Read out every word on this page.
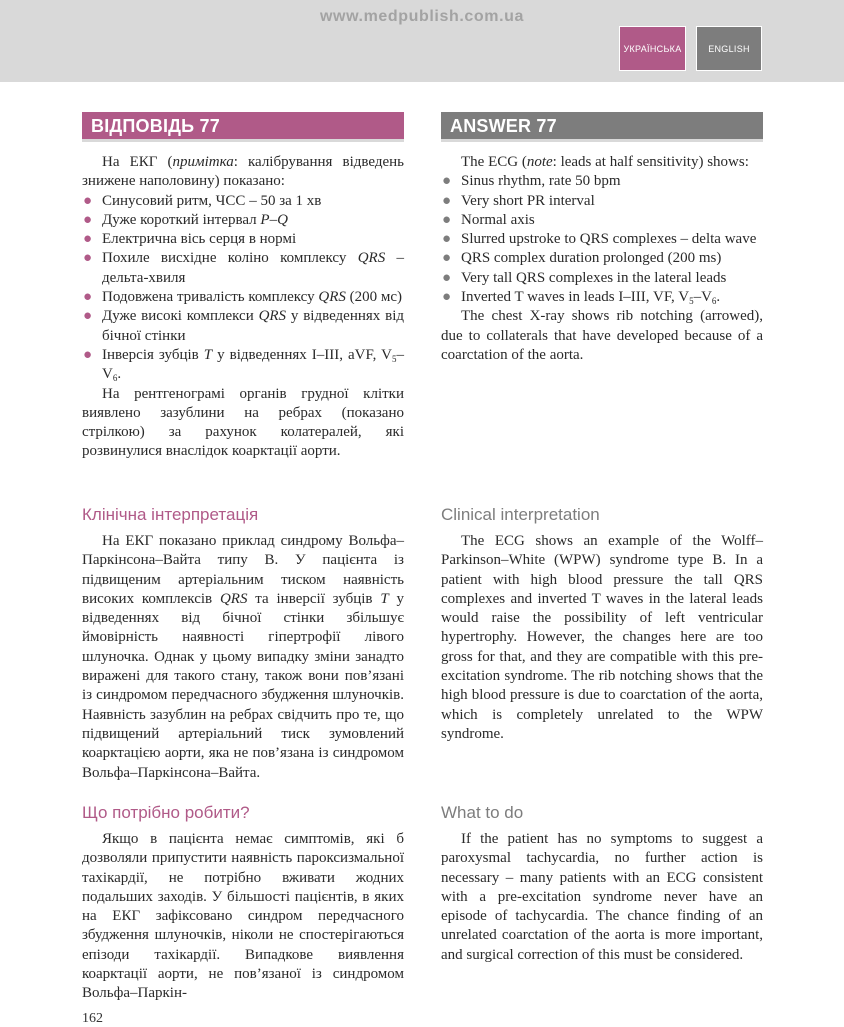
www.medpublish.com.ua
УКРАЇНСЬКА	ENGLISH
ВІДПОВІДЬ 77

На ЕКГ (примітка: калібрування відведень знижене наполовину) показано:

● Синусовий ритм, ЧСС – 50 за 1 хв
● Дуже короткий інтервал P–Q
● Електрична вісь серця в нормі
● Похиле висхідне коліно комплексу QRS – дельта-хвиля
● Подовжена тривалість комплексу QRS (200 мс)
● Дуже високі комплекси QRS у відведеннях від бічної стінки
● Інверсія зубців T у відведеннях I–III, aVF, $V_5-V_6$.

На рентгенограмі органів грудної клітки виявлено зазублини на ребрах (показано стрілкою) за рахунок колатералей, які розвинулися внаслідок коарктації аорти.

Клінічна інтерпретація

На ЕКГ показано приклад синдрому Вольфа–Паркінсона–Вайта типу B. У пацієнта із підвищеним артеріальним тиском наявність високих комплексів QRS та інверсії зубців T у відведеннях від бічної стінки збільшує ймовірність наявності гіпертрофії лівого шлуночка. Однак у цьому випадку зміни занадто виражені для такого стану, також вони пов’язані із синдромом передчасного збудження шлуночків. Наявність зазублин на ребрах свідчить про те, що підвищений артеріальний тиск зумовлений коарктацією аорти, яка не пов’язана із синдромом Вольфа–Паркінсона–Вайта.

Що потрібно робити?

Якщо в пацієнта немає симптомів, які б дозволяли припустити наявність пароксизмальної тахікардії, не потрібно вживати жодних подальших заходів. У більшості пацієнтів, в яких на ЕКГ зафіксовано синдром передчасного збудження шлуночків, ніколи не спостерігаються епізоди тахікардії. Випадкове виявлення коарктації аорти, не пов’язаної із синдромом Вольфа–Паркін-

ANSWER 77

The ECG (note: leads at half sensitivity) shows:

● Sinus rhythm, rate 50 bpm
● Very short PR interval
● Normal axis
● Slurred upstroke to QRS complexes – delta wave
● QRS complex duration prolonged (200 ms)
● Very tall QRS complexes in the lateral leads
● Inverted T waves in leads I–III, VF, $V_5-V_6$.

The chest X-ray shows rib notching (arrowed), due to collaterals that have developed because of a coarctation of the aorta.

Clinical interpretation

The ECG shows an example of the Wolff–Parkinson–White (WPW) syndrome type B. In a patient with high blood pressure the tall QRS complexes and inverted T waves in the lateral leads would raise the possibility of left ventricular hypertrophy. However, the changes here are too gross for that, and they are compatible with this pre-excitation syndrome. The rib notching shows that the high blood pressure is due to coarctation of the aorta, which is completely unrelated to the WPW syndrome.

What to do

If the patient has no symptoms to suggest a paroxysmal tachycardia, no further action is necessary – many patients with an ECG consistent with a pre-excitation syndrome never have an episode of tachycardia. The chance finding of an unrelated coarctation of the aorta is more important, and surgical correction of this must be considered.

162
